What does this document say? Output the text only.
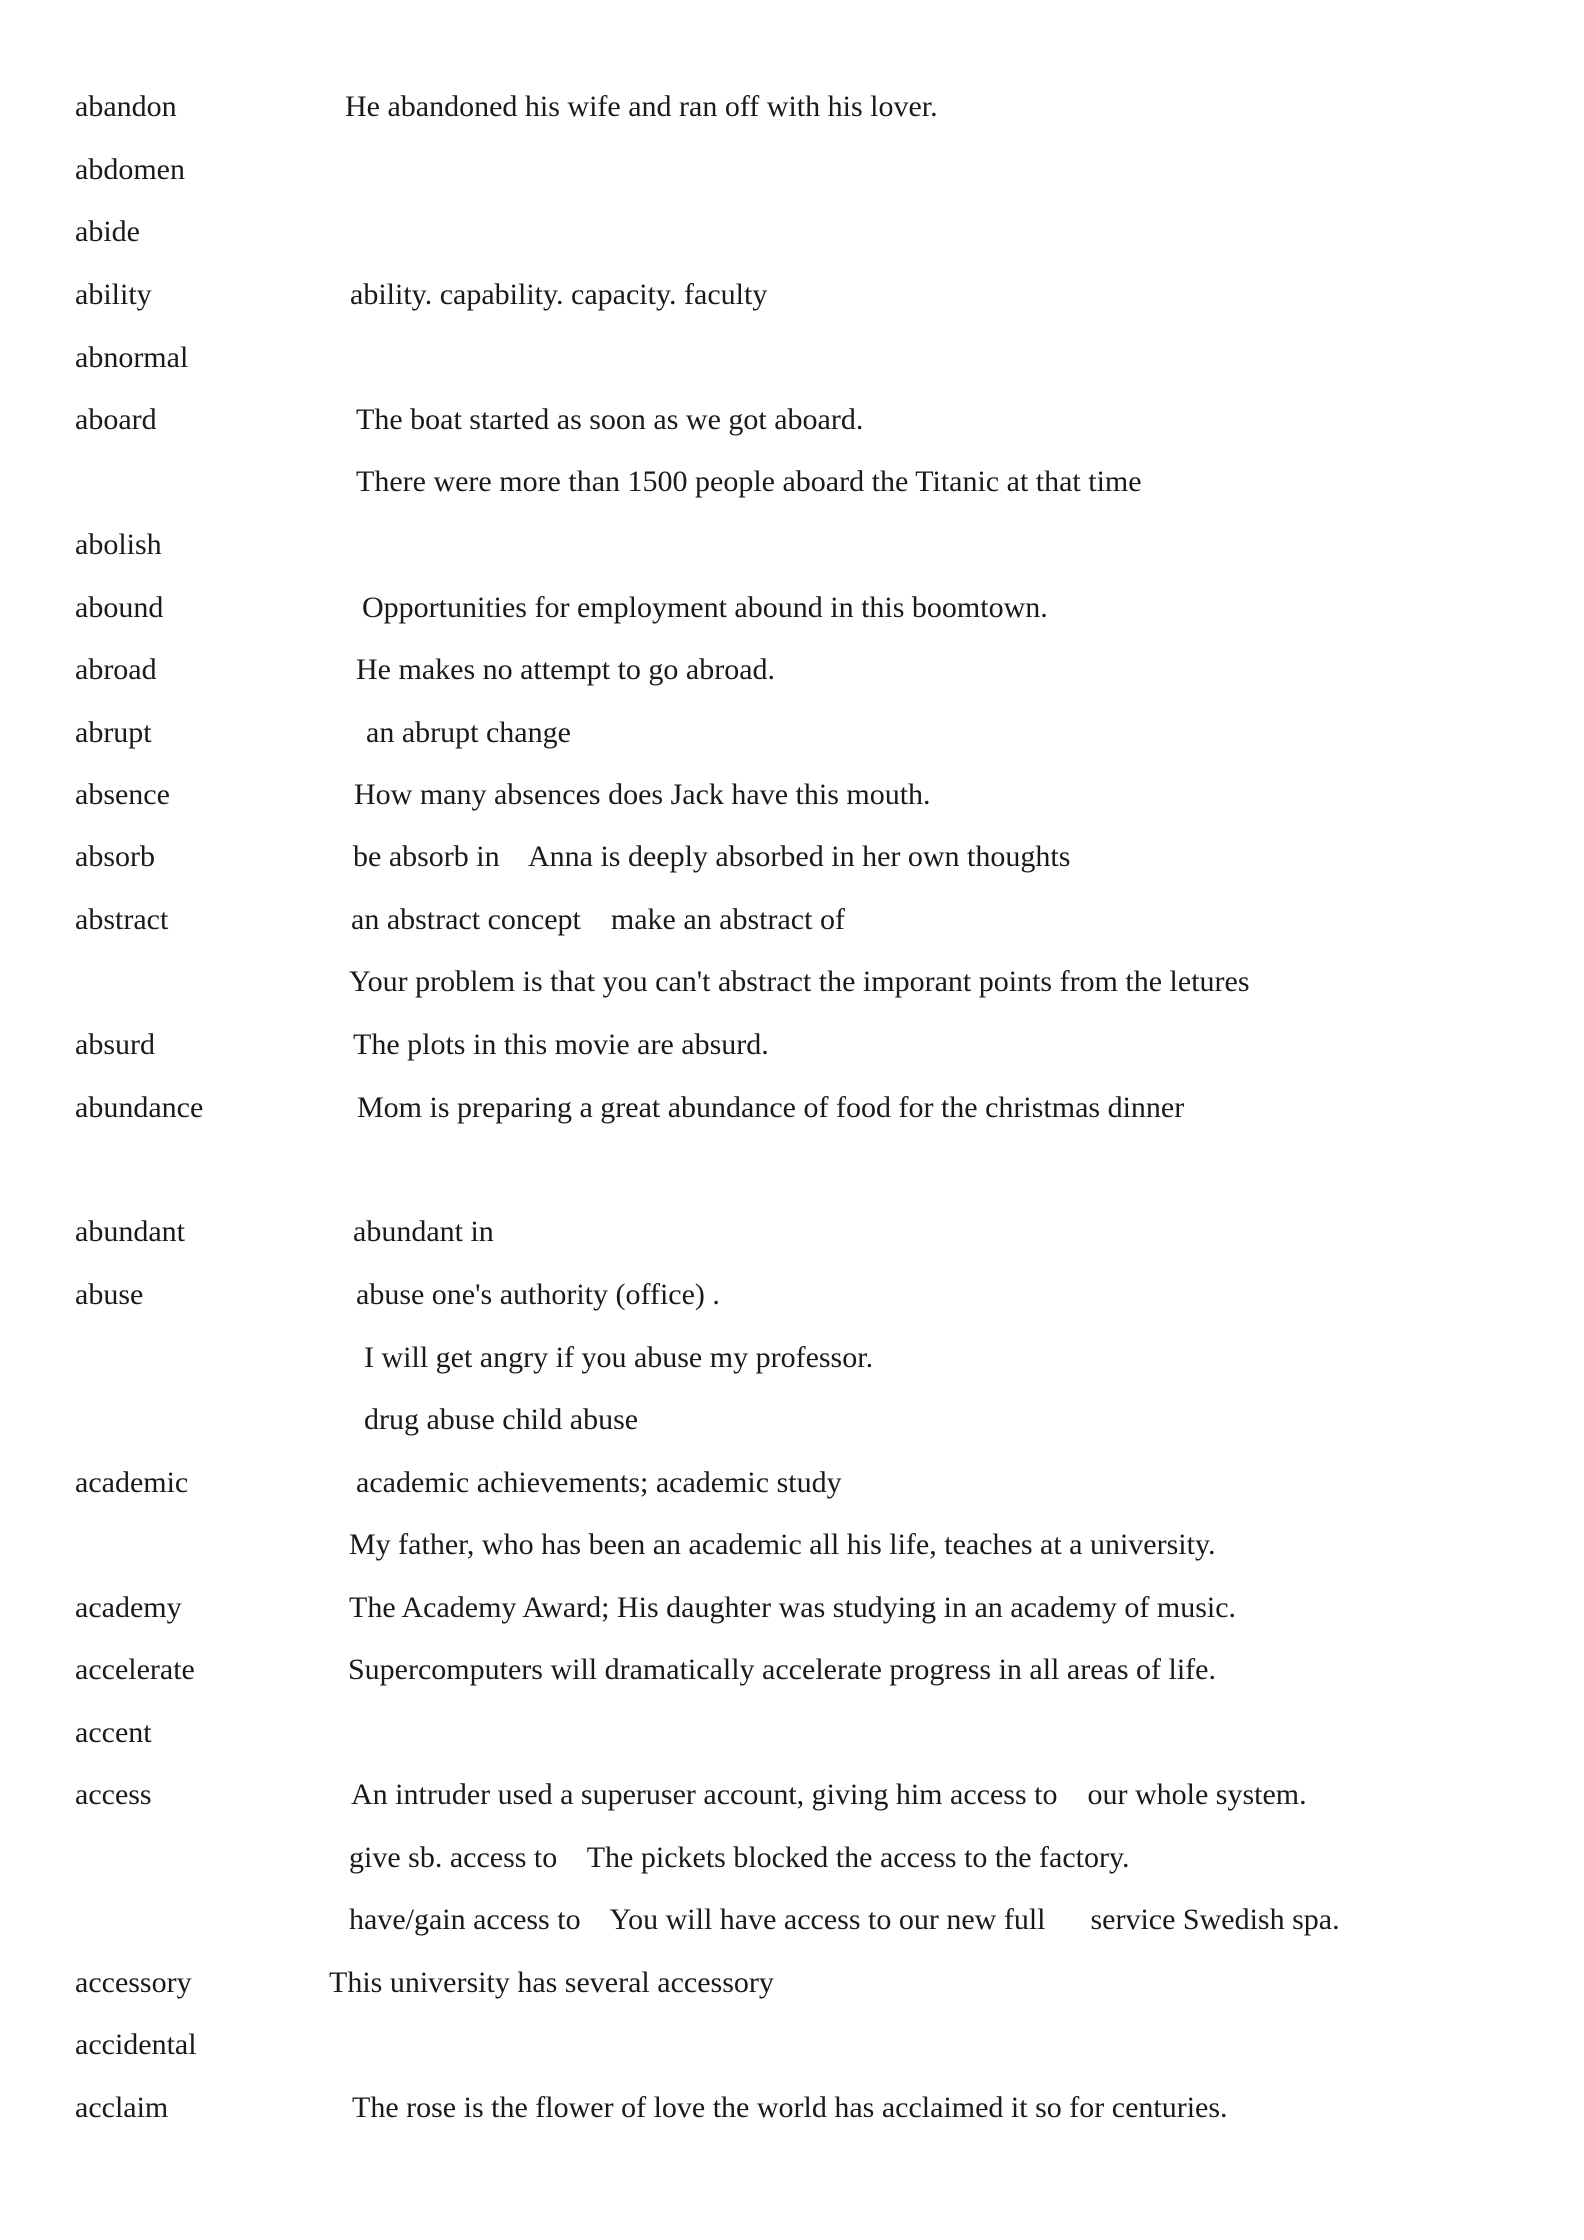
abandon	He abandoned his wife and ran off with his lover.
abdomen
abide
ability	ability. capability. capacity. faculty
abnormal
aboard	The boat started as soon as we got aboard.
There were more than 1500 people aboard the Titanic at that time
abolish
abound	Opportunities for employment abound in this boomtown.
abroad	He makes no attempt to go abroad.
abrupt	an abrupt change
absence	How many absences does Jack have this mouth.
absorb	be absorb in    Anna is deeply absorbed in her own thoughts
abstract	an abstract concept    make an abstract of
Your problem is that you can't abstract the imporant points from the letures
absurd	The plots in this movie are absurd.
abundance	Mom is preparing a great abundance of food for the christmas dinner
abundant	abundant in
abuse	abuse one's authority (office) .
I will get angry if you abuse my professor.
drug abuse child abuse
academic	academic achievements; academic study
My father, who has been an academic all his life, teaches at a university.
academy	The Academy Award; His daughter was studying in an academy of music.
accelerate	Supercomputers will dramatically accelerate progress in all areas of life.
accent
access	An intruder used a superuser account, giving him access to    our whole system.
give sb. access to    The pickets blocked the access to the factory.
have/gain access to    You will have access to our new full      service Swedish spa.
accessory	This university has several accessory
accidental
acclaim	The rose is the flower of love the world has acclaimed it so for centuries.
